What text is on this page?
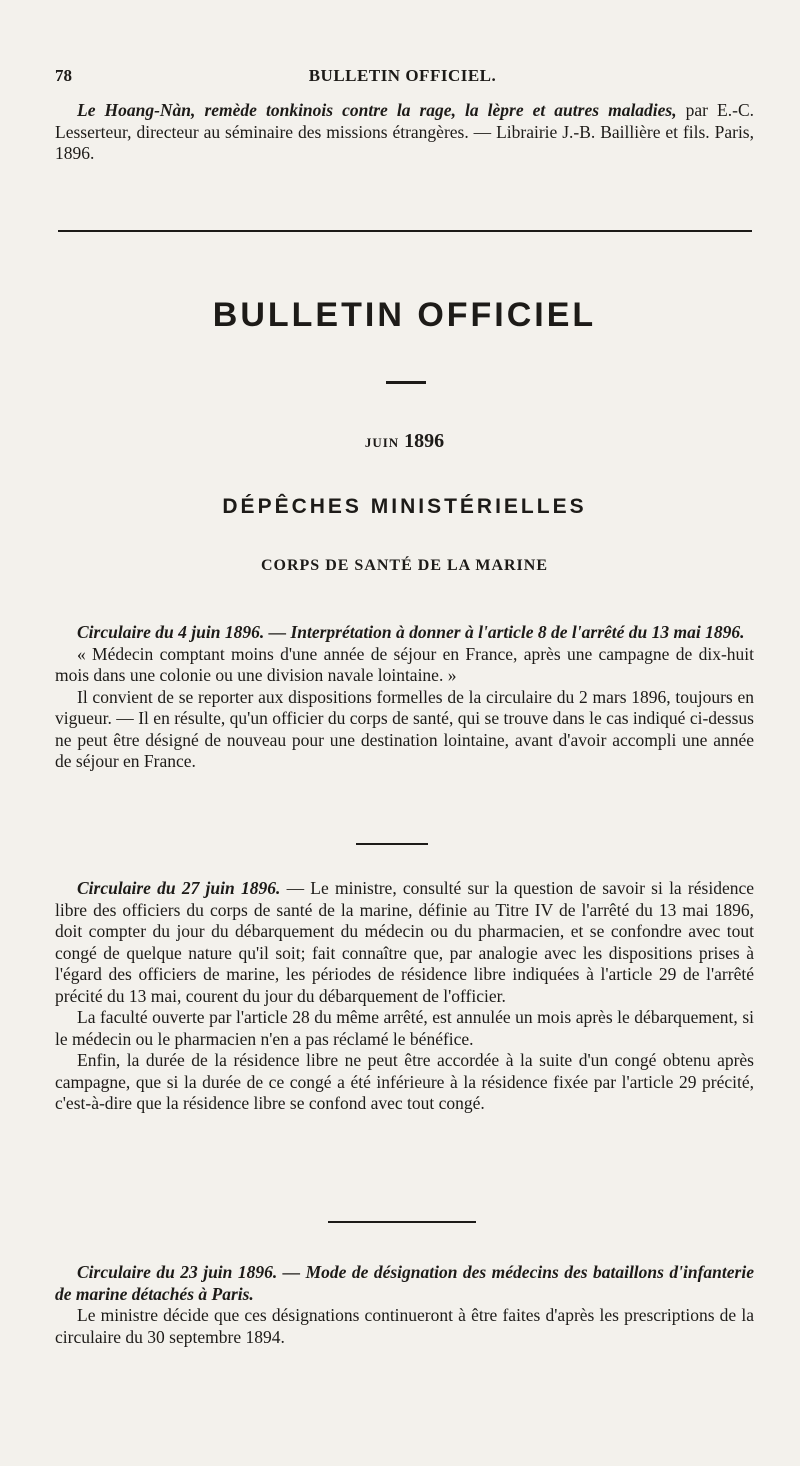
78	BULLETIN OFFICIEL.

Le Hoang-Nàn, remède tonkinois contre la rage, la lèpre et autres maladies, par E.-C. Lesserteur, directeur au séminaire des missions étrangères. — Librairie J.-B. Baillière et fils. Paris, 1896.

BULLETIN OFFICIEL
JUIN 1896
DÉPÊCHES MINISTÉRIELLES
CORPS DE SANTÉ DE LA MARINE

Circulaire du 4 juin 1896. — Interprétation à donner à l'article 8 de l'arrêté du 13 mai 1896.

« Médecin comptant moins d'une année de séjour en France, après une campagne de dix-huit mois dans une colonie ou une division navale lointaine. »

Il convient de se reporter aux dispositions formelles de la circulaire du 2 mars 1896, toujours en vigueur. — Il en résulte, qu'un officier du corps de santé, qui se trouve dans le cas indiqué ci-dessus ne peut être désigné de nouveau pour une destination lointaine, avant d'avoir accompli une année de séjour en France.

Circulaire du 27 juin 1896. — Le ministre, consulté sur la question de savoir si la résidence libre des officiers du corps de santé de la marine, définie au Titre IV de l'arrêté du 13 mai 1896, doit compter du jour du débarquement du médecin ou du pharmacien, et se confondre avec tout congé de quelque nature qu'il soit; fait connaître que, par analogie avec les dispositions prises à l'égard des officiers de marine, les périodes de résidence libre indiquées à l'article 29 de l'arrêté précité du 13 mai, courent du jour du débarquement de l'officier.

La faculté ouverte par l'article 28 du même arrêté, est annulée un mois après le débarquement, si le médecin ou le pharmacien n'en a pas réclamé le bénéfice.

Enfin, la durée de la résidence libre ne peut être accordée à la suite d'un congé obtenu après campagne, que si la durée de ce congé a été inférieure à la résidence fixée par l'article 29 précité, c'est-à-dire que la résidence libre se confond avec tout congé.

Circulaire du 23 juin 1896. — Mode de désignation des médecins des bataillons d'infanterie de marine détachés à Paris.

Le ministre décide que ces désignations continueront à être faites d'après les prescriptions de la circulaire du 30 septembre 1894.
